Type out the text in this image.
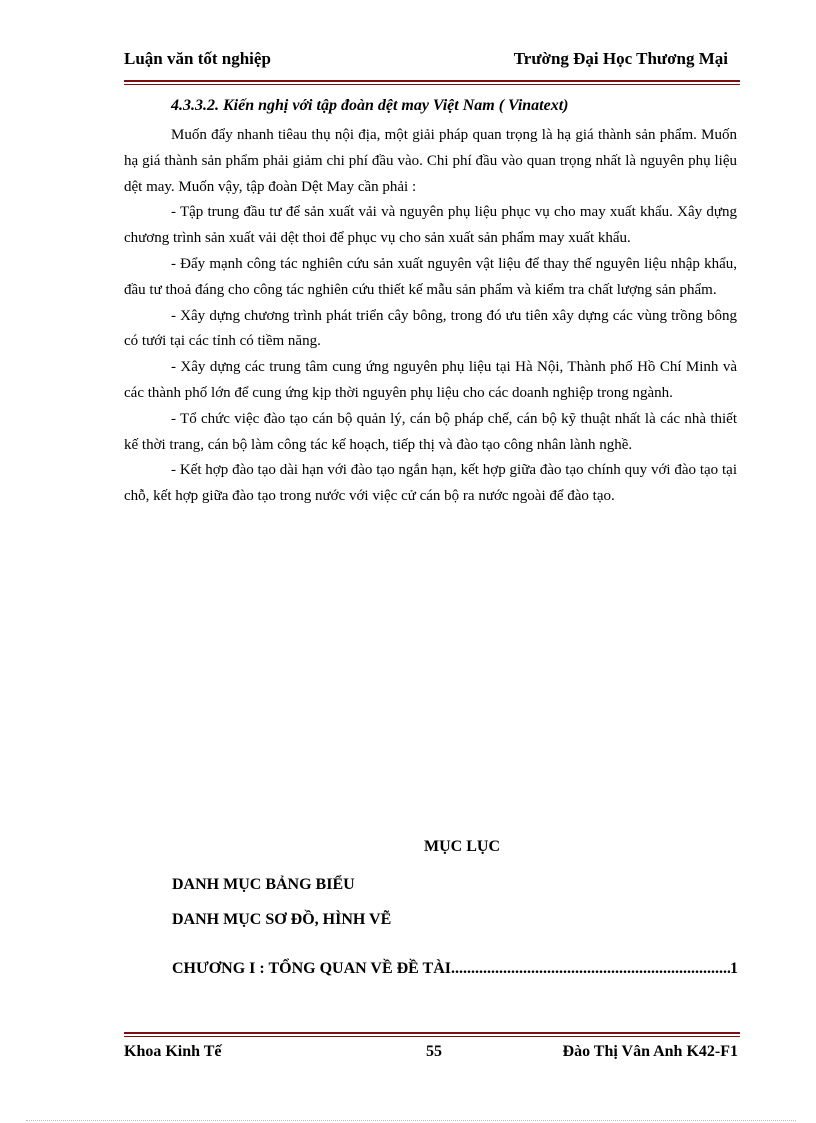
Luận văn tốt nghiệp	Trường Đại Học Thương Mại
4.3.3.2. Kiến nghị với tập đoàn dệt may Việt Nam ( Vinatext)

Muốn đẩy nhanh tiêau thụ nội địa, một giải pháp quan trọng là hạ giá thành sản phẩm. Muốn hạ giá thành sản phẩm phải giảm chi phí đầu vào. Chi phí đầu vào quan trọng nhất là nguyên phụ liệu dệt may. Muốn vậy, tập đoàn Dệt May cần phải :

- Tập trung đầu tư để sản xuất vải và nguyên phụ liệu phục vụ cho may xuất khẩu. Xây dựng chương trình sản xuất vải dệt thoi để phục vụ cho sản xuất sản phẩm may xuất khẩu.

- Đẩy mạnh công tác nghiên cứu sản xuất nguyên vật liệu để thay thế nguyên liệu nhập khẩu, đầu tư thoả đáng cho công tác nghiên cứu thiết kế mẫu sản phẩm và kiểm tra chất lượng sản phẩm.

- Xây dựng chương trình phát triển cây bông, trong đó ưu tiên xây dựng các vùng trồng bông có tưới tại các tỉnh có tiềm năng.

- Xây dựng các trung tâm cung ứng nguyên phụ liệu tại Hà Nội, Thành phố Hồ Chí Minh và các thành phố lớn để cung ứng kịp thời nguyên phụ liệu cho các doanh nghiệp trong ngành.

- Tổ chức việc đào tạo cán bộ quản lý, cán bộ pháp chế, cán bộ kỹ thuật nhất là các nhà thiết kế thời trang, cán bộ làm công tác kế hoạch, tiếp thị và đào tạo công nhân lành nghề.

- Kết hợp đào tạo dài hạn với đào tạo ngắn hạn, kết hợp giữa đào tạo chính quy với đào tạo tại chỗ, kết hợp giữa đào tạo trong nước với việc cử cán bộ ra nước ngoài để đào tạo.

MỤC LỤC
DANH MỤC BẢNG BIỂU
DANH MỤC SƠ ĐỒ, HÌNH VẼ
CHƯƠNG I : TỔNG QUAN VỀ ĐỀ TÀI
.....	1
Khoa Kinh Tế	55	Đào Thị Vân Anh K42-F1
